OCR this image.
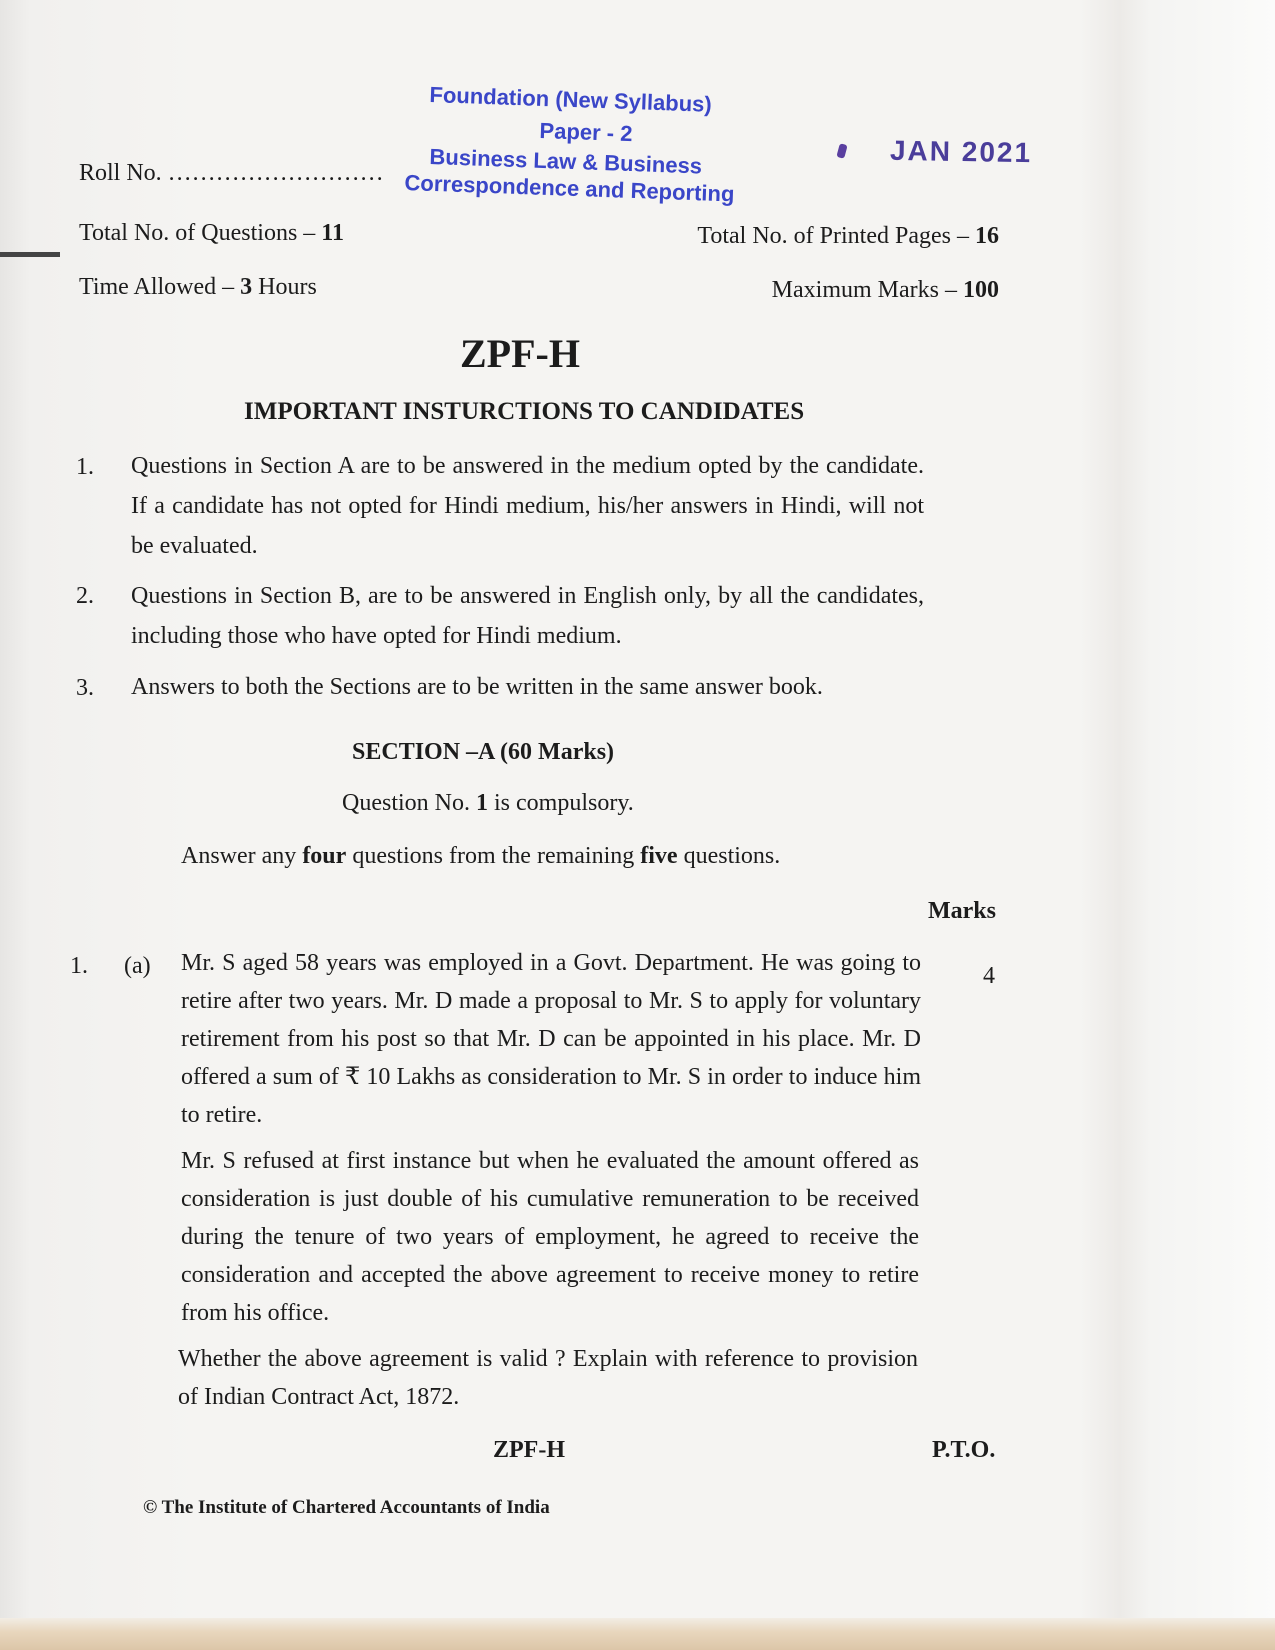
Foundation (New Syllabus)
Paper - 2
Business Law & Business
Correspondence and Reporting
JAN 2021
Roll No. ………………………
Total No. of Questions – 11	Total No. of Printed Pages – 16
Time Allowed – 3 Hours	Maximum Marks – 100
ZPF-H
IMPORTANT INSTURCTIONS TO CANDIDATES
1. Questions in Section A are to be answered in the medium opted by the candidate. If a candidate has not opted for Hindi medium, his/her answers in Hindi, will not be evaluated.
2. Questions in Section B, are to be answered in English only, by all the candidates, including those who have opted for Hindi medium.
3. Answers to both the Sections are to be written in the same answer book.
SECTION –A (60 Marks)
Question No. 1 is compulsory.
Answer any four questions from the remaining five questions.
Marks
1. (a)	4
Mr. S aged 58 years was employed in a Govt. Department. He was going to retire after two years. Mr. D made a proposal to Mr. S to apply for voluntary retirement from his post so that Mr. D can be appointed in his place. Mr. D offered a sum of ₹ 10 Lakhs as consideration to Mr. S in order to induce him to retire.
Mr. S refused at first instance but when he evaluated the amount offered as consideration is just double of his cumulative remuneration to be received during the tenure of two years of employment, he agreed to receive the consideration and accepted the above agreement to receive money to retire from his office.
Whether the above agreement is valid ? Explain with reference to provision of Indian Contract Act, 1872.
ZPF-H	P.T.O.
© The Institute of Chartered Accountants of India
